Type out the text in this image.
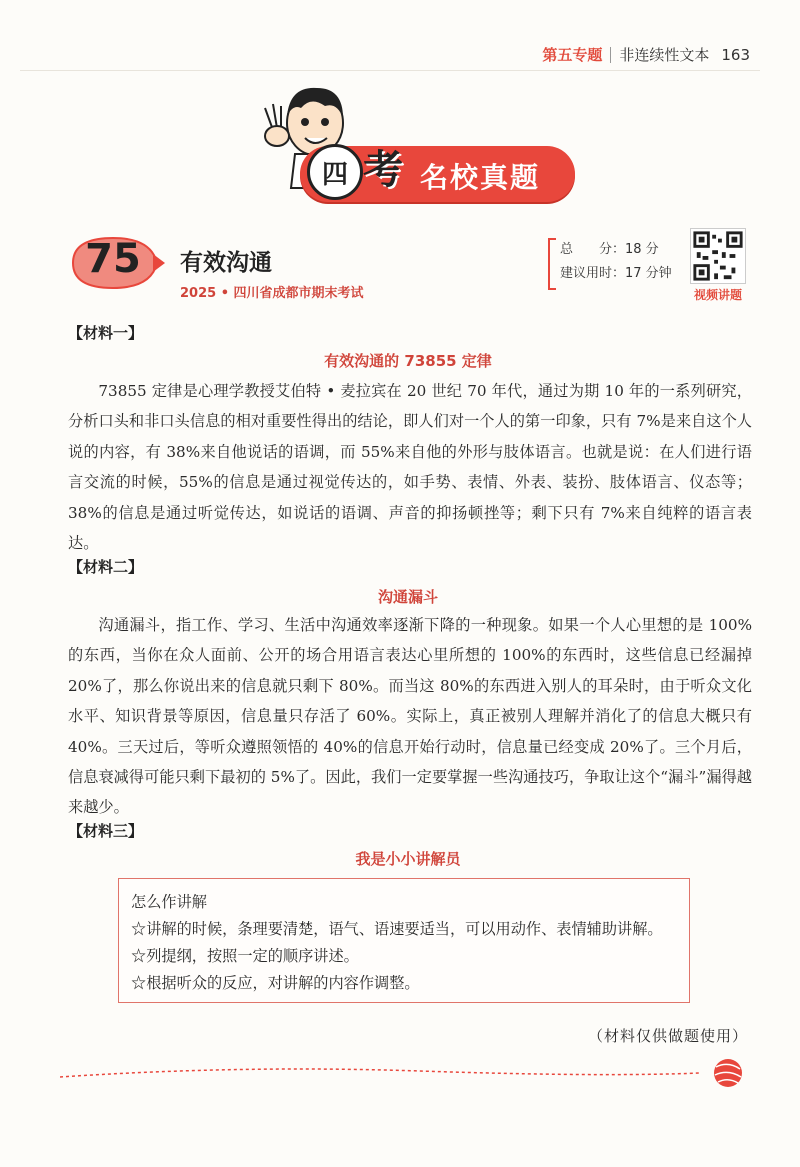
第五专题 非连续性文本 163
四 考 名校真题
75	有效沟通
2025 • 四川省成都市期末考试
总　　分：18 分
建议用时：17 分钟
视频讲题
【材料一】
有效沟通的 73855 定律
73855 定律是心理学教授艾伯特 • 麦拉宾在 20 世纪 70 年代，通过为期 10 年的一系列研究，分析口头和非口头信息的相对重要性得出的结论，即人们对一个人的第一印象，只有 7%是来自这个人说的内容，有 38%来自他说话的语调，而 55%来自他的外形与肢体语言。也就是说：在人们进行语言交流的时候，55%的信息是通过视觉传达的，如手势、表情、外表、装扮、肢体语言、仪态等；38%的信息是通过听觉传达，如说话的语调、声音的抑扬顿挫等；剩下只有 7%来自纯粹的语言表达。
【材料二】
沟通漏斗
沟通漏斗，指工作、学习、生活中沟通效率逐渐下降的一种现象。如果一个人心里想的是 100%的东西，当你在众人面前、公开的场合用语言表达心里所想的 100%的东西时，这些信息已经漏掉 20%了，那么你说出来的信息就只剩下 80%。而当这 80%的东西进入别人的耳朵时，由于听众文化水平、知识背景等原因，信息量只存活了 60%。实际上，真正被别人理解并消化了的信息大概只有 40%。三天过后，等听众遵照领悟的 40%的信息开始行动时，信息量已经变成 20%了。三个月后，信息衰减得可能只剩下最初的 5%了。因此，我们一定要掌握一些沟通技巧，争取让这个“漏斗”漏得越来越少。
【材料三】
我是小小讲解员
怎么作讲解
☆讲解的时候，条理要清楚，语气、语速要适当，可以用动作、表情辅助讲解。
☆列提纲，按照一定的顺序讲述。
☆根据听众的反应，对讲解的内容作调整。
（材料仅供做题使用）
